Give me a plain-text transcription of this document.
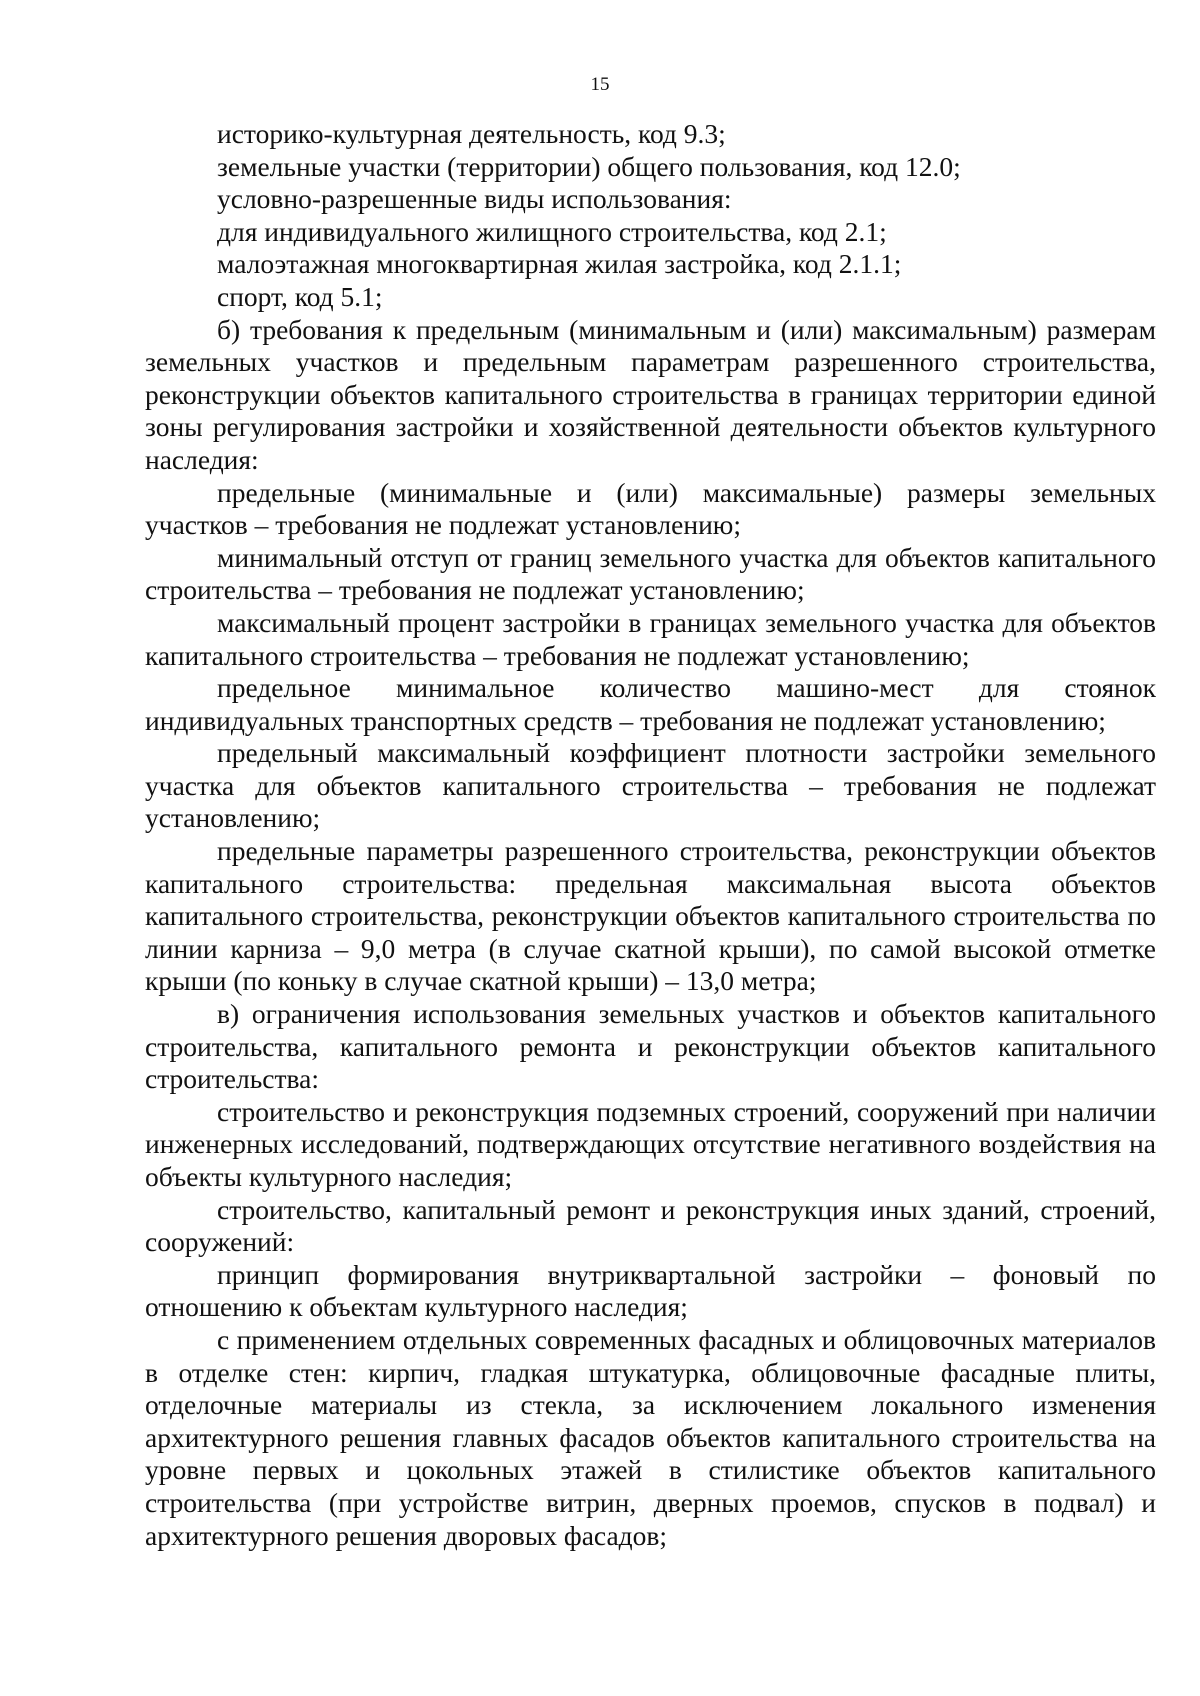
15

историко-культурная деятельность, код 9.3;

земельные участки (территории) общего пользования, код 12.0;

условно-разрешенные виды использования:

для индивидуального жилищного строительства, код 2.1;

малоэтажная многоквартирная жилая застройка, код 2.1.1;

спорт, код 5.1;

б) требования к предельным (минимальным и (или) максимальным) размерам земельных участков и предельным параметрам разрешенного строительства, реконструкции объектов капитального строительства в границах территории единой зоны регулирования застройки и хозяйственной деятельности объектов культурного наследия:

предельные (минимальные и (или) максимальные) размеры земельных участков – требования не подлежат установлению;

минимальный отступ от границ земельного участка для объектов капитального строительства – требования не подлежат установлению;

максимальный процент застройки в границах земельного участка для объектов капитального строительства – требования не подлежат установлению;

предельное минимальное количество машино-мест для стоянок индивидуальных транспортных средств – требования не подлежат установлению;

предельный максимальный коэффициент плотности застройки земельного участка для объектов капитального строительства – требования не подлежат установлению;

предельные параметры разрешенного строительства, реконструкции объектов капитального строительства: предельная максимальная высота объектов капитального строительства, реконструкции объектов капитального строительства по линии карниза – 9,0 метра (в случае скатной крыши), по самой высокой отметке крыши (по коньку в случае скатной крыши) – 13,0 метра;

в) ограничения использования земельных участков и объектов капитального строительства, капитального ремонта и реконструкции объектов капитального строительства:

строительство и реконструкция подземных строений, сооружений при наличии инженерных исследований, подтверждающих отсутствие негативного воздействия на объекты культурного наследия;

строительство, капитальный ремонт и реконструкция иных зданий, строений, сооружений:

принцип формирования внутриквартальной застройки – фоновый по отношению к объектам культурного наследия;

с применением отдельных современных фасадных и облицовочных материалов в отделке стен: кирпич, гладкая штукатурка, облицовочные фасадные плиты, отделочные материалы из стекла, за исключением локального изменения архитектурного решения главных фасадов объектов капитального строительства на уровне первых и цокольных этажей в стилистике объектов капитального строительства (при устройстве витрин, дверных проемов, спусков в подвал) и архитектурного решения дворовых фасадов;
